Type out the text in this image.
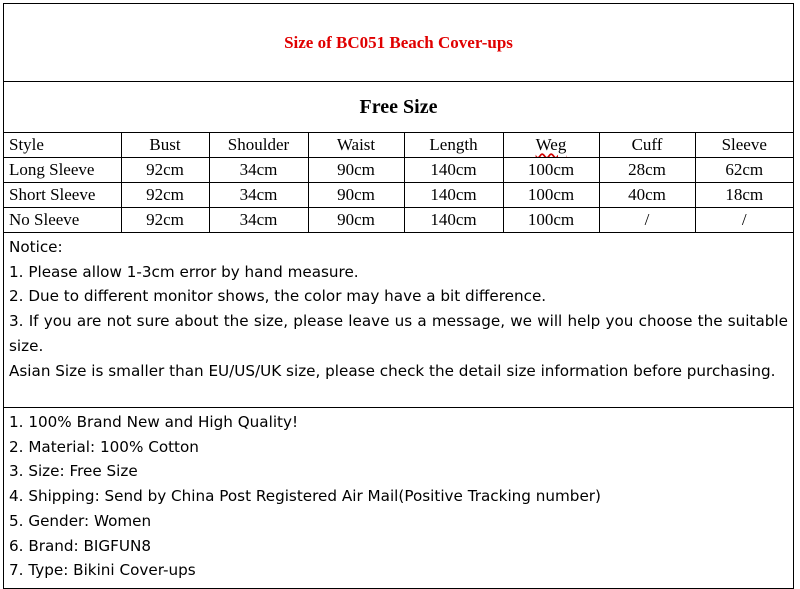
Size of BC051 Beach Cover-ups
Free Size
Style	Bust	Shoulder	Waist	Length	Weg	Cuff	Sleeve
Long Sleeve	92cm	34cm	90cm	140cm	100cm	28cm	62cm
Short Sleeve	92cm	34cm	90cm	140cm	100cm	40cm	18cm
No Sleeve	92cm	34cm	90cm	140cm	100cm	/	/
Notice:
1. Please allow 1-3cm error by hand measure.
2. Due to different monitor shows, the color may have a bit difference.
3. If you are not sure about the size, please leave us a message, we will help you choose the suitable size.
Asian Size is smaller than EU/US/UK size, please check the detail size information before purchasing.
1. 100% Brand New and High Quality!
2. Material: 100% Cotton
3. Size: Free Size
4. Shipping: Send by China Post Registered Air Mail(Positive Tracking number)
5. Gender: Women
6. Brand: BIGFUN8
7. Type: Bikini Cover-ups
